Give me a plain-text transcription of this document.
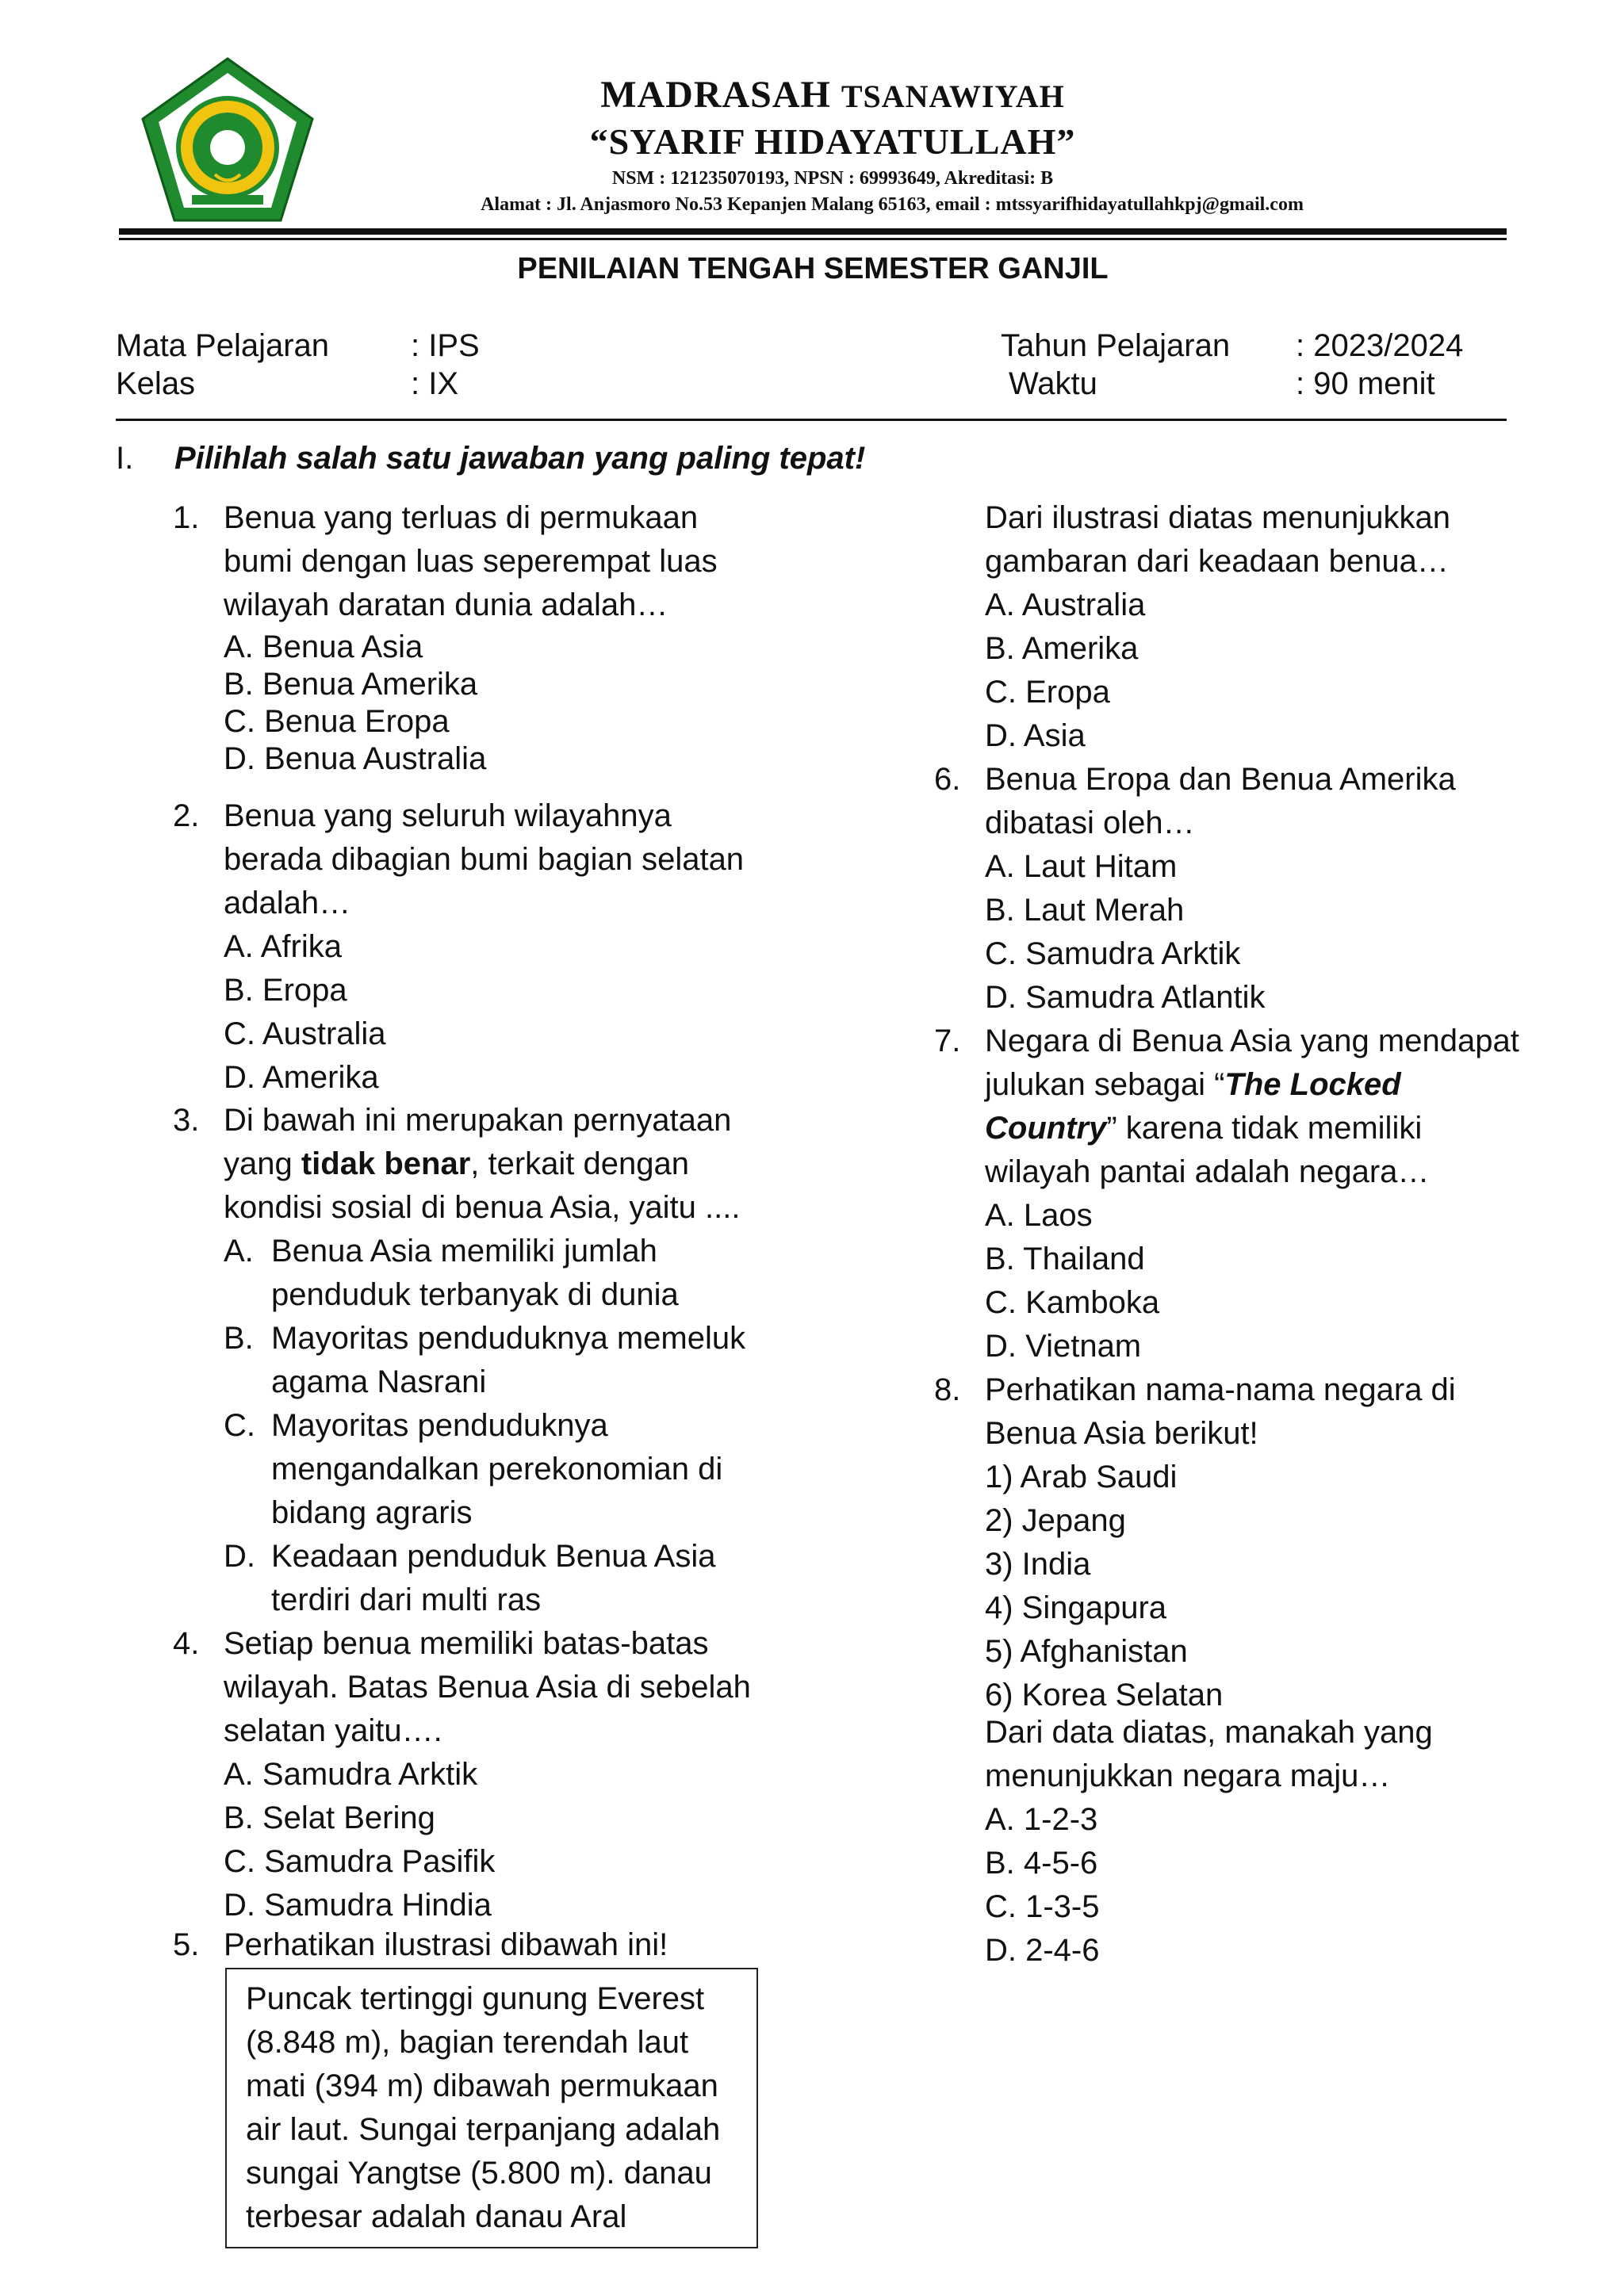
MADRASAH TSANAWIYAH
“SYARIF HIDAYATULLAH”
NSM : 121235070193, NPSN : 69993649, Akreditasi: B
Alamat : Jl. Anjasmoro No.53 Kepanjen Malang 65163, email : mtssyarifhidayatullahkpj@gmail.com
PENILAIAN TENGAH SEMESTER GANJIL
Mata Pelajaran	: IPS
Kelas	: IX
Tahun Pelajaran : 2023/2024
Waktu	: 90 menit
I. Pilihlah salah satu jawaban yang paling tepat!
1. Benua yang terluas di permukaan
bumi dengan luas seperempat luas
wilayah daratan dunia adalah…
A. Benua Asia
B. Benua Amerika
C. Benua Eropa
D. Benua Australia
2. Benua yang seluruh wilayahnya
berada dibagian bumi bagian selatan
adalah…
A. Afrika
B. Eropa
C. Australia
D. Amerika
3. Di bawah ini merupakan pernyataan
yang tidak benar, terkait dengan
kondisi sosial di benua Asia, yaitu ....
A. Benua Asia memiliki jumlah
penduduk terbanyak di dunia
B. Mayoritas penduduknya memeluk
agama Nasrani
C. Mayoritas penduduknya
mengandalkan perekonomian di
bidang agraris
D. Keadaan penduduk Benua Asia
terdiri dari multi ras
4. Setiap benua memiliki batas-batas
wilayah. Batas Benua Asia di sebelah
selatan yaitu….
A. Samudra Arktik
B. Selat Bering
C. Samudra Pasifik
D. Samudra Hindia
5. Perhatikan ilustrasi dibawah ini!

Puncak tertinggi gunung Everest

(8.848 m), bagian terendah laut

mati (394 m) dibawah permukaan

air laut. Sungai terpanjang adalah

sungai Yangtse (5.800 m). danau

terbesar adalah danau Aral

Dari ilustrasi diatas menunjukkan
gambaran dari keadaan benua…
A. Australia
B. Amerika
C. Eropa
D. Asia
6. Benua Eropa dan Benua Amerika
dibatasi oleh…
A. Laut Hitam
B. Laut Merah
C. Samudra Arktik
D. Samudra Atlantik
7. Negara di Benua Asia yang mendapat
julukan sebagai “The Locked
Country” karena tidak memiliki
wilayah pantai adalah negara…
A. Laos
B. Thailand
C. Kamboka
D. Vietnam
8. Perhatikan nama-nama negara di
Benua Asia berikut!
1) Arab Saudi
2) Jepang
3) India
4) Singapura
5) Afghanistan
6) Korea Selatan
Dari data diatas, manakah yang
menunjukkan negara maju…
A. 1-2-3
B. 4-5-6
C. 1-3-5
D. 2-4-6
